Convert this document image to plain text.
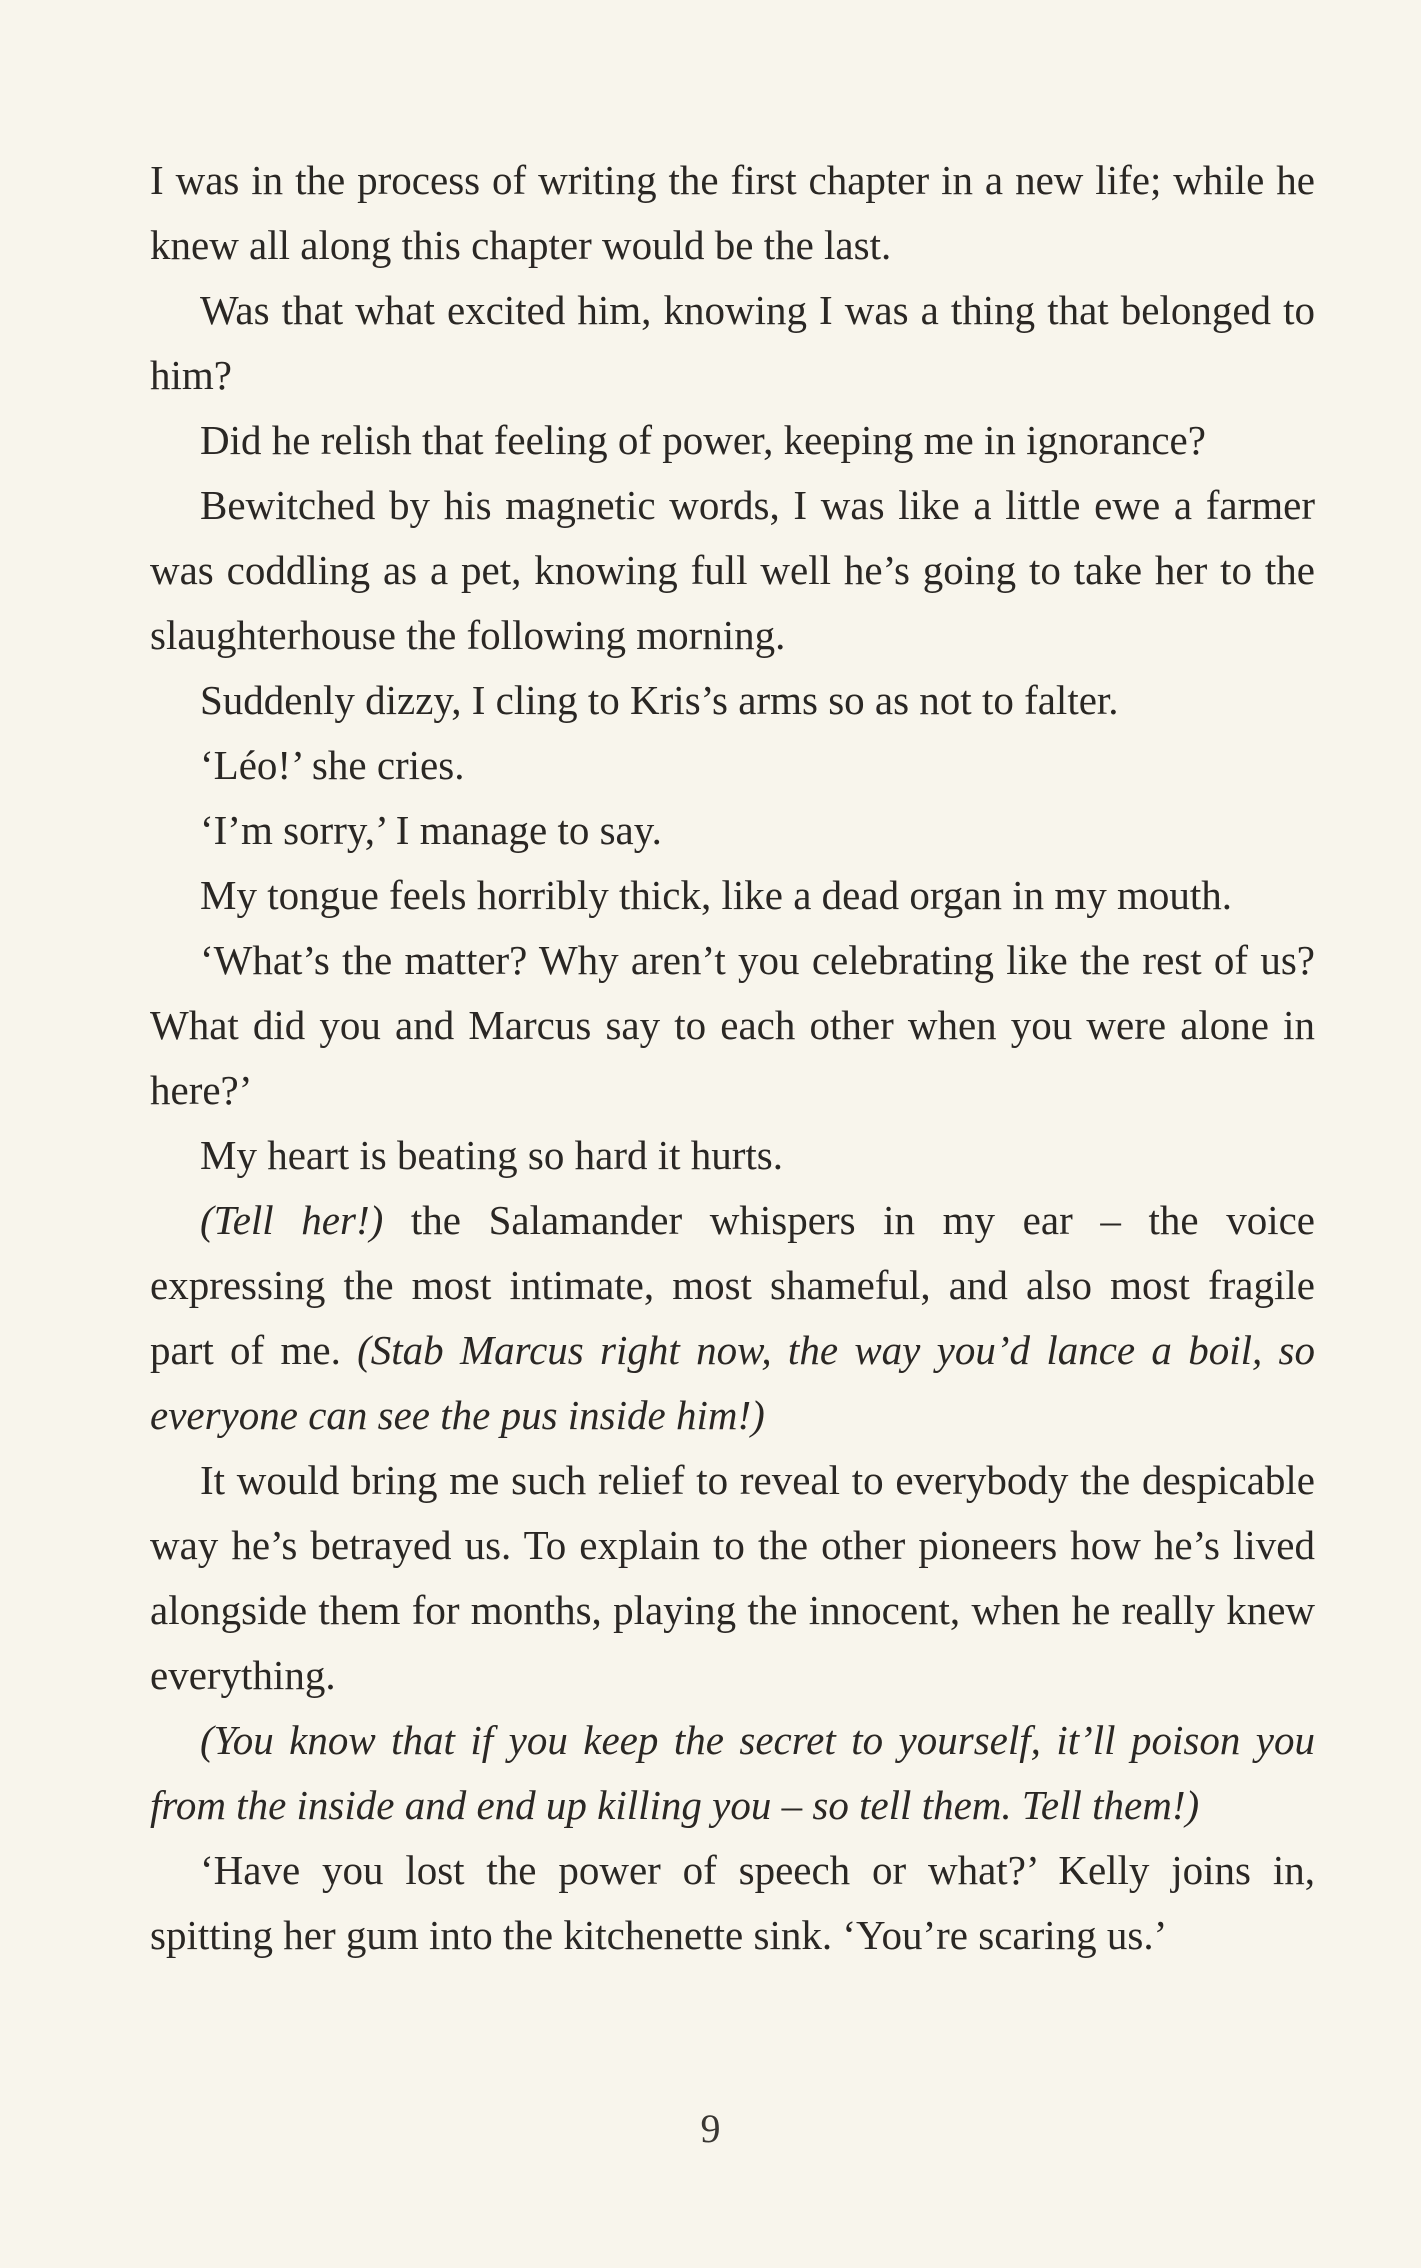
I was in the process of writing the first chapter in a new life; while he knew all along this chapter would be the last.

Was that what excited him, knowing I was a thing that belonged to him?

Did he relish that feeling of power, keeping me in ignorance?

Bewitched by his magnetic words, I was like a little ewe a farmer was coddling as a pet, knowing full well he’s going to take her to the slaughterhouse the following morning.

Suddenly dizzy, I cling to Kris’s arms so as not to falter.

‘Léo!’ she cries.

‘I’m sorry,’ I manage to say.

My tongue feels horribly thick, like a dead organ in my mouth.

‘What’s the matter? Why aren’t you celebrating like the rest of us? What did you and Marcus say to each other when you were alone in here?’

My heart is beating so hard it hurts.

(Tell her!) the Salamander whispers in my ear – the voice expressing the most intimate, most shameful, and also most fragile part of me. (Stab Marcus right now, the way you’d lance a boil, so everyone can see the pus inside him!)

It would bring me such relief to reveal to everybody the despicable way he’s betrayed us. To explain to the other pioneers how he’s lived alongside them for months, playing the innocent, when he really knew everything.

(You know that if you keep the secret to yourself, it’ll poison you from the inside and end up killing you – so tell them. Tell them!)

‘Have you lost the power of speech or what?’ Kelly joins in, spitting her gum into the kitchenette sink. ‘You’re scaring us.’

9
